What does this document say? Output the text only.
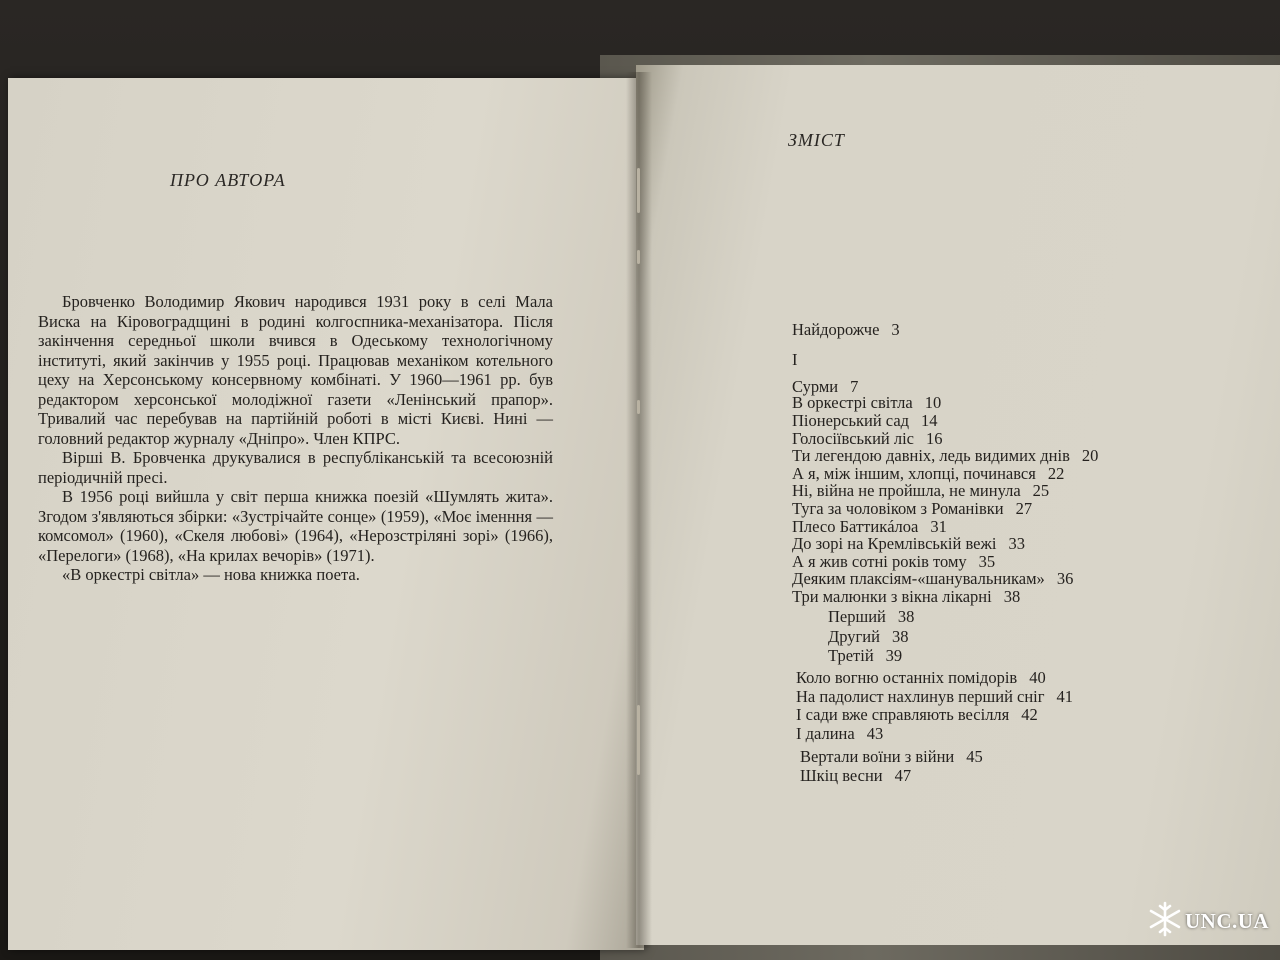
ПРО АВТОРА

Бровченко Володимир Якович народився 1931 року в селі Мала Виска на Кіровоградщині в родині колгоспника-механізатора. Після закінчення середньої школи вчився в Одеському технологічному інституті, який закінчив у 1955 році. Працював механіком котельного цеху на Херсонському консервному комбінаті. У 1960—1961 рр. був редактором херсонської молодіжної газети «Ленінський прапор». Тривалий час перебував на партійній роботі в місті Києві. Нині — головний редактор журналу «Дніпро». Член КПРС.

Вірші В. Бровченка друкувалися в республіканській та всесоюзній періодичній пресі.

В 1956 році вийшла у світ перша книжка поезій «Шумлять жита». Згодом з'являються збірки: «Зустрічайте сонце» (1959), «Моє іменння — комсомол» (1960), «Скеля любові» (1964), «Нерозстріляні зорі» (1966), «Перелоги» (1968), «На крилах вечорів» (1971).

«В оркестрі світла» — нова книжка поета.

ЗМІСТ
І
Найдорожче 3
Сурми 7
В оркестрі світла 10
Піонерський сад 14
Голосіївський ліс 16
Ти легендою давніх, ледь видимих днів 20
А я, між іншим, хлопці, починався 22
Ні, війна не пройшла, не минула 25
Туга за чоловіком з Романівки 27
Плесо Баттикáлоа 31
До зорі на Кремлівській вежі 33
А я жив сотні років тому 35
Деяким плаксіям-«шанувальникам» 36
Три малюнки з вікна лікарні 38
Перший 38
Другий 38
Третій 39
Коло вогню останніх помідорів 40
На падолист нахлинув перший сніг 41
І сади вже справляють весілля 42
І далина 43
Вертали воїни з війни 45
Шкіц весни 47
UNC.UA
